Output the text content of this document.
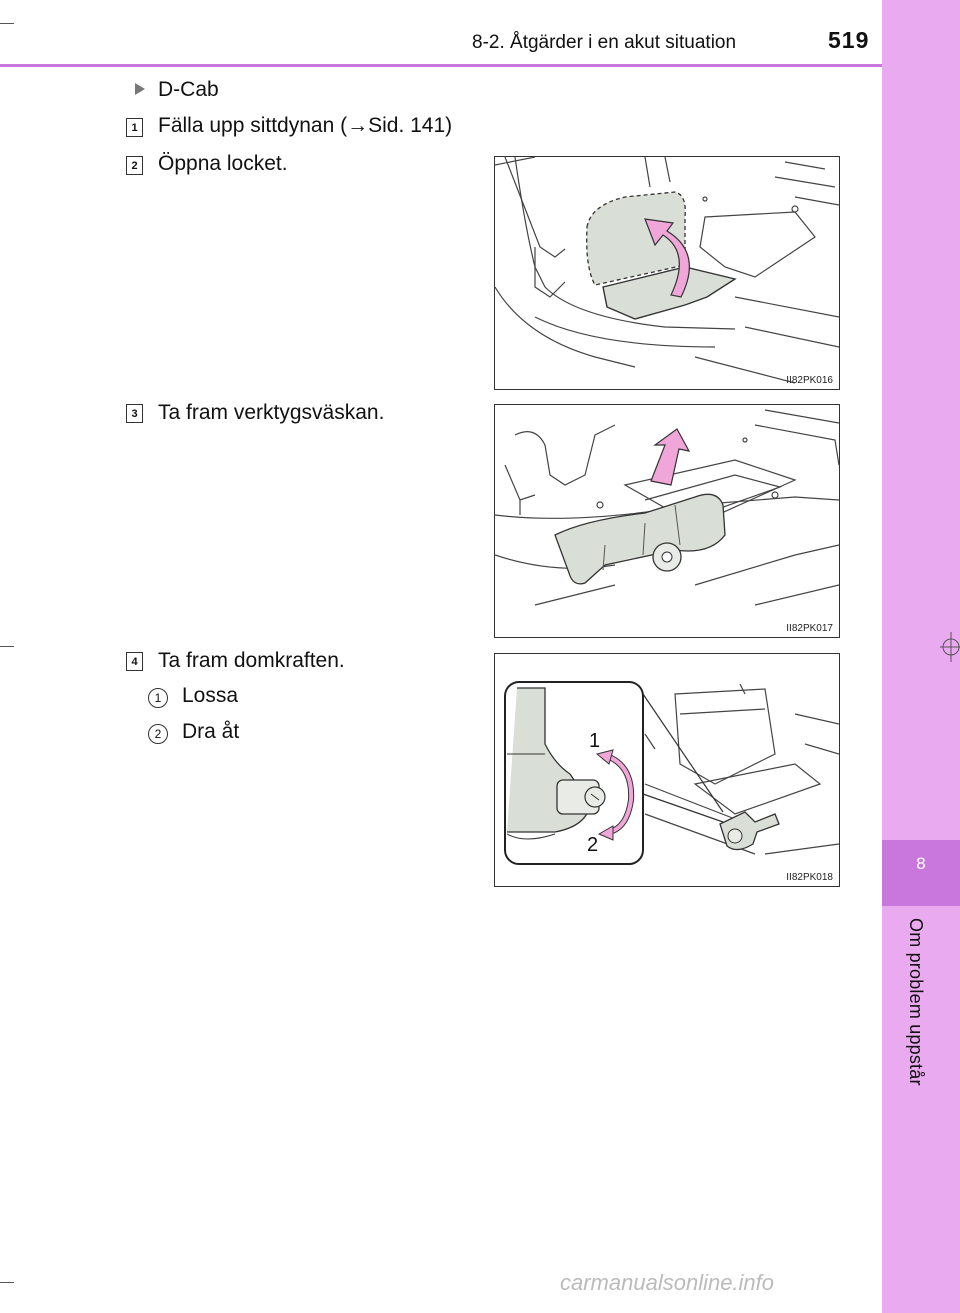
8
Om problem uppstår
8-2. Åtgärder i en akut situation	519
D-Cab
1 Fälla upp sittdynan (→Sid. 141)
2 Öppna locket.
II82PK016
3 Ta fram verktygsväskan.
II82PK017
4 Ta fram domkraften.
1 Lossa
2 Dra åt	1
2
II82PK018
carmanualsonline.info
